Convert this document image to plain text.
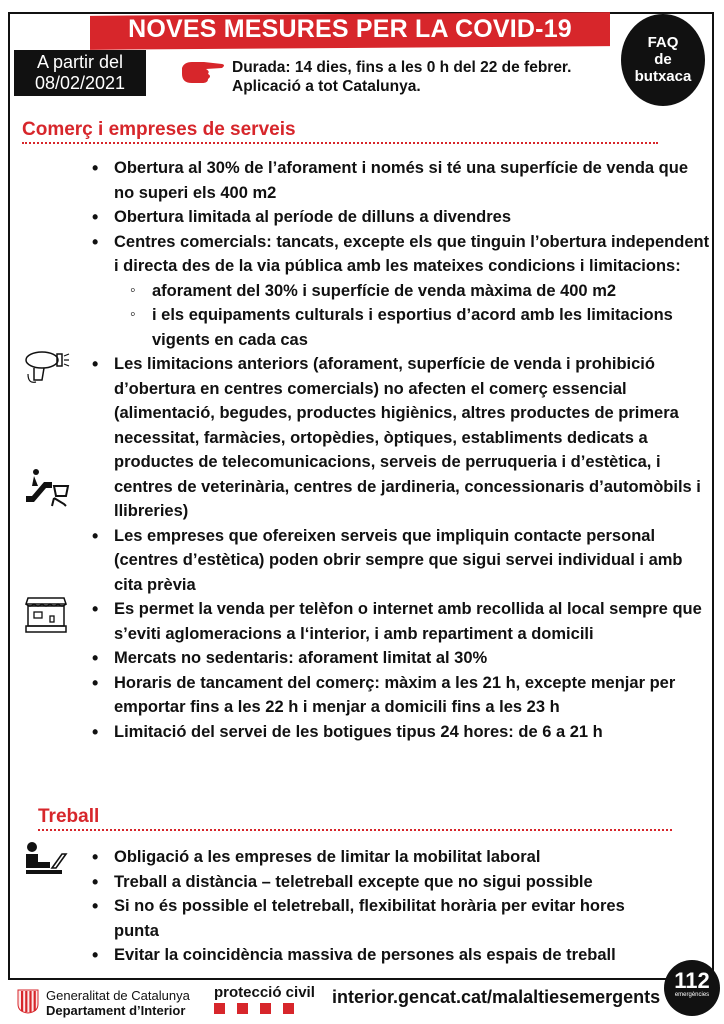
NOVES MESURES PER LA COVID-19
A partir del
08/02/2021
Durada: 14 dies, fins a les 0 h del 22 de febrer.
Aplicació a tot Catalunya.
FAQ
de
butxaca
Comerç i empreses de serveis
• Obertura al 30% de l’aforament i només si té una superfície de venda que no superi els 400 m2
• Obertura limitada al període de dilluns a divendres
• Centres comercials: tancats, excepte els que tinguin l’obertura independent i directa des de la via pública amb les mateixes condicions i limitacions:
◦ aforament del 30% i superfície de venda màxima de 400 m2
◦ i els equipaments culturals i esportius d’acord amb les limitacions vigents en cada cas
• Les limitacions anteriors (aforament, superfície de venda i prohibició d’obertura en centres comercials) no afecten el comerç essencial (alimentació, begudes, productes higiènics, altres productes de primera necessitat, farmàcies, ortopèdies, òptiques, establiments dedicats a productes de telecomunicacions, serveis de perruqueria i d’estètica, i centres de veterinària, centres de jardineria, concessionaris d’automòbils i llibreries)
• Les empreses que ofereixen serveis que impliquin contacte personal (centres d’estètica) poden obrir sempre que sigui servei individual i amb cita prèvia
• Es permet la venda per telèfon o internet amb recollida al local sempre que s’eviti aglomeracions a l‘interior, i amb repartiment a domicili
• Mercats no sedentaris: aforament limitat al 30%
• Horaris de tancament del comerç: màxim a les 21 h, excepte menjar per emportar fins a les 22 h i menjar a domicili fins a les 23 h
• Limitació del servei de les botigues tipus 24 hores: de 6 a 21 h
Treball
• Obligació a les empreses de limitar la mobilitat laboral
• Treball a distància – teletreball excepte que no sigui possible
• Si no és possible el teletreball, flexibilitat horària per evitar hores punta
• Evitar la coincidència massiva de persones als espais de treball
Generalitat de Catalunya
Departament d’Interior
protecció civil interior.gencat.cat/malaltiesemergents
112
emergències
